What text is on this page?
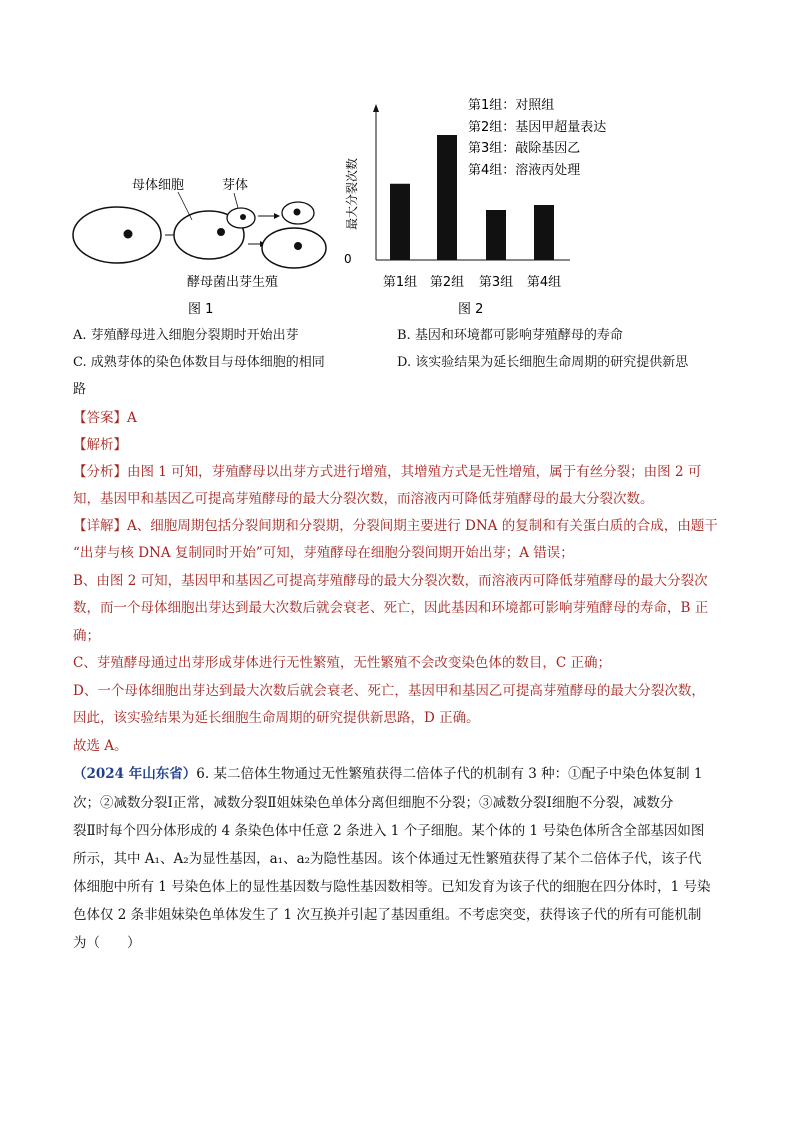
母体细胞	芽体
酵母菌出芽生殖
图 1
最大分裂次数
0
第1组 第2组 第3组 第4组
第1组：对照组
第2组：基因甲超量表达
第3组：敲除基因乙
第4组：溶液丙处理
图 2
A. 芽殖酵母进入细胞分裂期时开始出芽	B. 基因和环境都可影响芽殖酵母的寿命
C. 成熟芽体的染色体数目与母体细胞的相同	D. 该实验结果为延长细胞生命周期的研究提供新思
路
【答案】A
【解析】
【分析】由图 1 可知，芽殖酵母以出芽方式进行增殖，其增殖方式是无性增殖，属于有丝分裂；由图 2 可
知，基因甲和基因乙可提高芽殖酵母的最大分裂次数，而溶液丙可降低芽殖酵母的最大分裂次数。
【详解】A、细胞周期包括分裂间期和分裂期，分裂间期主要进行 DNA 的复制和有关蛋白质的合成，由题干
“出芽与核 DNA 复制同时开始”可知，芽殖酵母在细胞分裂间期开始出芽；A 错误；
B、由图 2 可知，基因甲和基因乙可提高芽殖酵母的最大分裂次数，而溶液丙可降低芽殖酵母的最大分裂次
数，而一个母体细胞出芽达到最大次数后就会衰老、死亡，因此基因和环境都可影响芽殖酵母的寿命，B 正
确；
C、芽殖酵母通过出芽形成芽体进行无性繁殖，无性繁殖不会改变染色体的数目，C 正确；
D、一个母体细胞出芽达到最大次数后就会衰老、死亡，基因甲和基因乙可提高芽殖酵母的最大分裂次数，
因此，该实验结果为延长细胞生命周期的研究提供新思路，D 正确。
故选 A。
（2024 年山东省）6. 某二倍体生物通过无性繁殖获得二倍体子代的机制有 3 种：①配子中染色体复制 1
次；②减数分裂Ⅰ正常，减数分裂Ⅱ姐妹染色单体分离但细胞不分裂；③减数分裂Ⅰ细胞不分裂，减数分
裂Ⅱ时每个四分体形成的 4 条染色体中任意 2 条进入 1 个子细胞。某个体的 1 号染色体所含全部基因如图
所示，其中 A₁、A₂为显性基因，a₁、a₂为隐性基因。该个体通过无性繁殖获得了某个二倍体子代，该子代
体细胞中所有 1 号染色体上的显性基因数与隐性基因数相等。已知发育为该子代的细胞在四分体时，1 号染
色体仅 2 条非姐妹染色单体发生了 1 次互换并引起了基因重组。不考虑突变，获得该子代的所有可能机制
为（　　）
